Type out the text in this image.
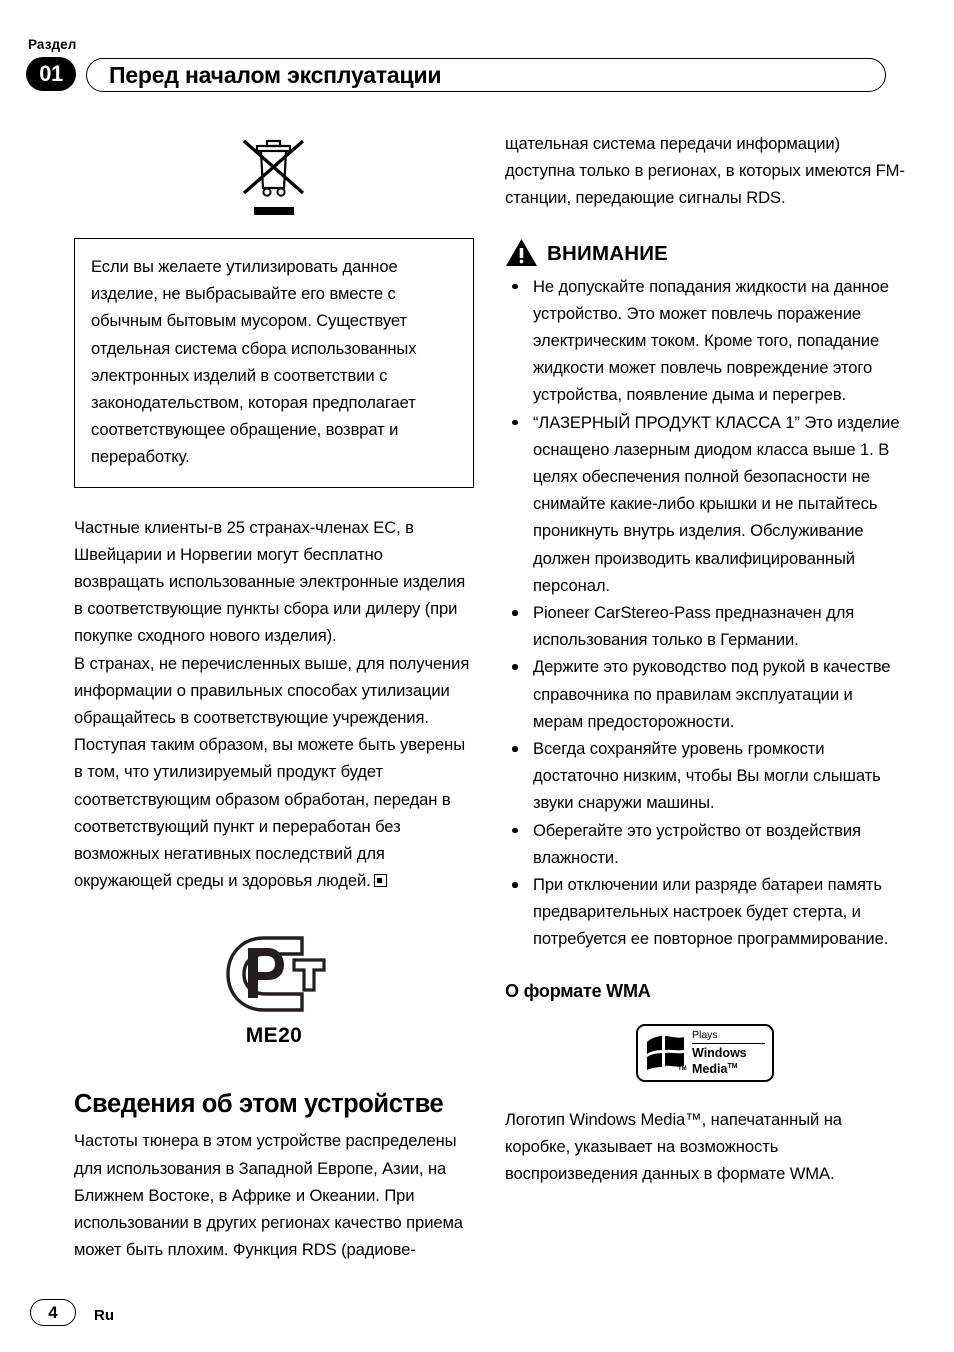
Раздел
01	Перед началом эксплуатации

Если вы желаете утилизировать данное изделие, не выбрасывайте его вместе с обычным бытовым мусором. Существует отдельная система сбора использованных электронных изделий в соответствии с законодательством, которая предполагает соответствующее обращение, возврат и переработку.

Частные клиенты-в 25 странах-членах ЕС, в Швейцарии и Норвегии могут бесплатно возвращать использованные электронные изделия в соответствующие пункты сбора или дилеру (при покупке сходного нового изделия).

В странах, не перечисленных выше, для получения информации о правильных способах утилизации обращайтесь в соответствующие учреждения.

Поступая таким образом, вы можете быть уверены в том, что утилизируемый продукт будет соответствующим образом обработан, передан в соответствующий пункт и переработан без возможных негативных последствий для окружающей среды и здоровья людей.

ME20
Сведения об этом устройстве

Частоты тюнера в этом устройстве распределены для использования в Западной Европе, Азии, на Ближнем Востоке, в Африке и Океании. При использовании в других регионах качество приема может быть плохим. Функция RDS (радиове-

щательная система передачи информации) доступна только в регионах, в которых имеются FM-станции, передающие сигналы RDS.

ВНИМАНИЕ
Не допускайте попадания жидкости на данное устройство. Это может повлечь поражение электрическим током. Кроме того, попадание жидкости может повлечь повреждение этого устройства, появление дыма и перегрев.
“ЛАЗЕРНЫЙ ПРОДУКТ КЛАССА 1” Это изделие оснащено лазерным диодом класса выше 1. В целях обеспечения полной безопасности не снимайте какие-либо крышки и не пытайтесь проникнуть внутрь изделия. Обслуживание должен производить квалифицированный персонал.
Pioneer CarStereo-Pass предназначен для использования только в Германии.
Держите это руководство под рукой в качестве справочника по правилам эксплуатации и мерам предосторожности.
Всегда сохраняйте уровень громкости достаточно низким, чтобы Вы могли слышать звуки снаружи машины.
Оберегайте это устройство от воздействия влажности.
При отключении или разряде батареи память предварительных настроек будет стерта, и потребуется ее повторное программирование.
О формате WMA
TM
Plays
Windows
Media™

Логотип Windows Media™, напечатанный на коробке, указывает на возможность воспроизведения данных в формате WMA.

4	Ru
